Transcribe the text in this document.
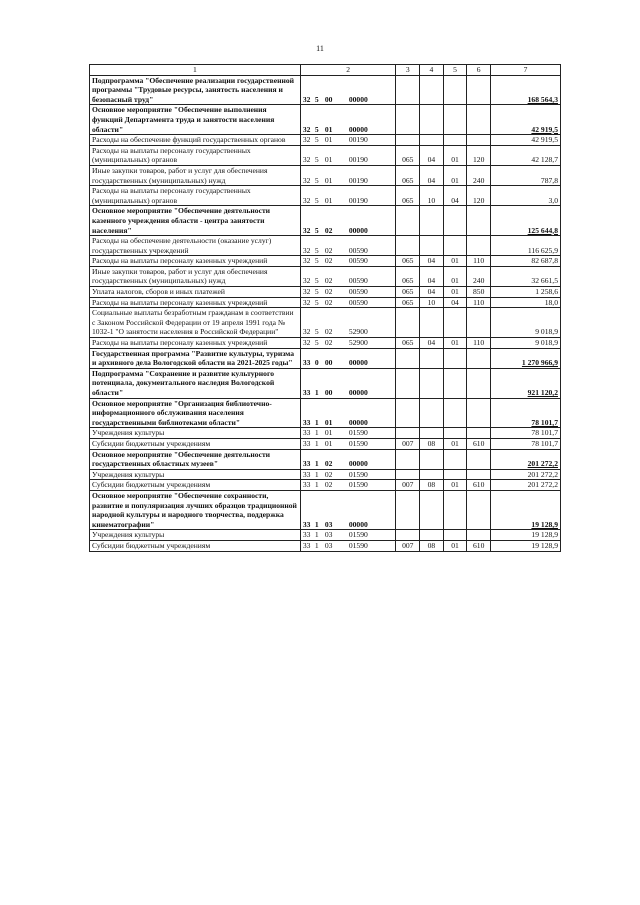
11
1	2	3	4	5	6	7
Подпрограмма "Обеспечение реализации государственной программы "Трудовые ресурсы, занятость населения и безопасный труд"	32 5 00 00000					168 564,3
Основное мероприятие "Обеспечение выполнения функций Департамента труда и занятости населения области"	32 5 01 00000					42 919,5
Расходы на обеспечение функций государственных органов	32 5 01 00190					42 919,5
Расходы на выплаты персоналу государственных (муниципальных) органов	32 5 01 00190	065	04	01	120	42 128,7
Иные закупки товаров, работ и услуг для обеспечения государственных (муниципальных) нужд	32 5 01 00190	065	04	01	240	787,8
Расходы на выплаты персоналу государственных (муниципальных) органов	32 5 01 00190	065	10	04	120	3,0
Основное мероприятие "Обеспечение деятельности казенного учреждения области - центра занятости населения"	32 5 02 00000					125 644,8
Расходы на обеспечение деятельности (оказание услуг) государственных учреждений	32 5 02 00590					116 625,9
Расходы на выплаты персоналу казенных учреждений	32 5 02 00590	065	04	01	110	82 687,8
Иные закупки товаров, работ и услуг для обеспечения государственных (муниципальных) нужд	32 5 02 00590	065	04	01	240	32 661,5
Уплата налогов, сборов и иных платежей	32 5 02 00590	065	04	01	850	1 258,6
Расходы на выплаты персоналу казенных учреждений	32 5 02 00590	065	10	04	110	18,0
Социальные выплаты безработным гражданам в соответствии с Законом Российской Федерации от 19 апреля 1991 года № 1032-1 "О занятости населения в Российской Федерации"	32 5 02 52900					9 018,9
Расходы на выплаты персоналу казенных учреждений	32 5 02 52900	065	04	01	110	9 018,9
Государственная программа "Развитие культуры, туризма и архивного дела Вологодской области на 2021-2025 годы"	33 0 00 00000					1 270 966,9
Подпрограмма "Сохранение и развитие культурного потенциала, документального наследия Вологодской области"	33 1 00 00000					921 120,2
Основное мероприятие "Организация библиотечно-информационного обслуживания населения государственными библиотеками области"	33 1 01 00000					78 101,7
Учреждения культуры	33 1 01 01590					78 101,7
Субсидии бюджетным учреждениям	33 1 01 01590	007	08	01	610	78 101,7
Основное мероприятие "Обеспечение деятельности государственных областных музеев"	33 1 02 00000					201 272,2
Учреждения культуры	33 1 02 01590					201 272,2
Субсидии бюджетным учреждениям	33 1 02 01590	007	08	01	610	201 272,2
Основное мероприятие "Обеспечение сохранности, развитие и популяризация лучших образцов традиционной народной культуры и народного творчества, поддержка кинематографии"	33 1 03 00000					19 128,9
Учреждения культуры	33 1 03 01590					19 128,9
Субсидии бюджетным учреждениям	33 1 03 01590	007	08	01	610	19 128,9
